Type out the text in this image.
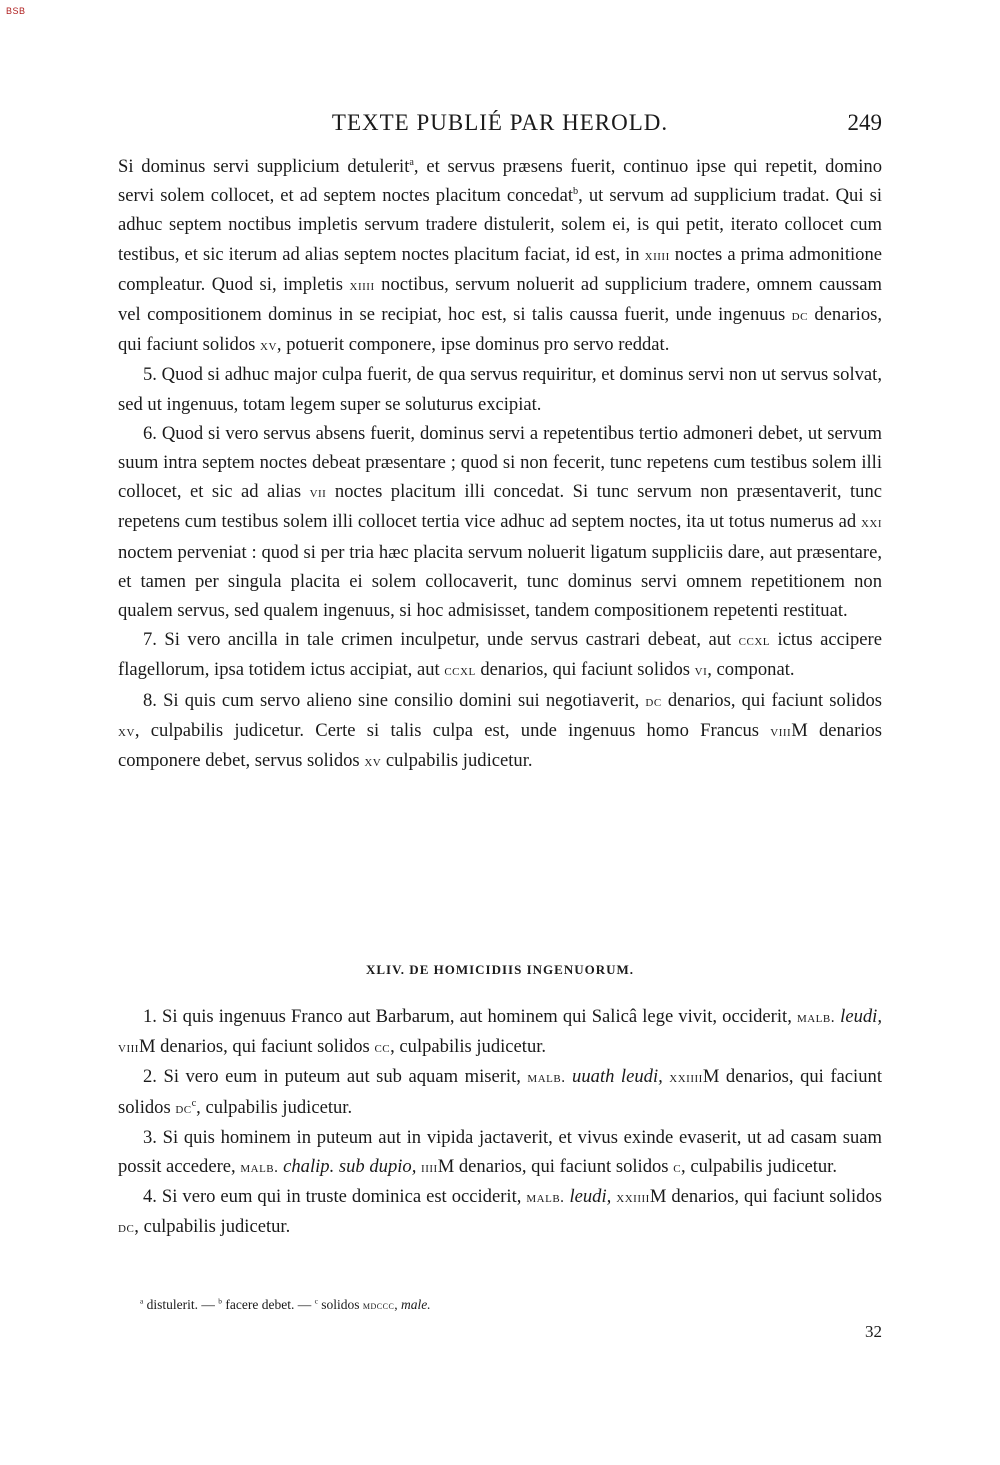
BSB
TEXTE PUBLIÉ PAR HEROLD.	249

Si dominus servi supplicium detulerit$^a$, et servus præsens fuerit, continuo ipse qui repetit, domino servi solem collocet, et ad septem noctes placitum concedat$^b$, ut servum ad supplicium tradat. Qui si adhuc septem noctibus impletis servum tradere distulerit, solem ei, is qui petit, iterato collocet cum testibus, et sic iterum ad alias septem noctes placitum faciat, id est, in xiiii noctes a prima admonitione compleatur. Quod si, impletis xiiii noctibus, servum noluerit ad supplicium tradere, omnem caussam vel compositionem dominus in se recipiat, hoc est, si talis caussa fuerit, unde ingenuus dc denarios, qui faciunt solidos xv, potuerit componere, ipse dominus pro servo reddat.

5. Quod si adhuc major culpa fuerit, de qua servus requiritur, et dominus servi non ut servus solvat, sed ut ingenuus, totam legem super se soluturus excipiat.

6. Quod si vero servus absens fuerit, dominus servi a repetentibus tertio admoneri debet, ut servum suum intra septem noctes debeat præsentare ; quod si non fecerit, tunc repetens cum testibus solem illi collocet, et sic ad alias vii noctes placitum illi concedat. Si tunc servum non præsentaverit, tunc repetens cum testibus solem illi collocet tertia vice adhuc ad septem noctes, ita ut totus numerus ad xxi noctem perveniat : quod si per tria hæc placita servum noluerit ligatum suppliciis dare, aut præsentare, et tamen per singula placita ei solem collocaverit, tunc dominus servi omnem repetitionem non qualem servus, sed qualem ingenuus, si hoc admisisset, tandem compositionem repetenti restituat.

7. Si vero ancilla in tale crimen inculpetur, unde servus castrari debeat, aut ccxl ictus accipere flagellorum, ipsa totidem ictus accipiat, aut ccxl denarios, qui faciunt solidos vi, componat.

8. Si quis cum servo alieno sine consilio domini sui negotiaverit, dc denarios, qui faciunt solidos xv, culpabilis judicetur. Certe si talis culpa est, unde ingenuus homo Francus viiiM denarios componere debet, servus solidos xv culpabilis judicetur.

XLIV. DE HOMICIDIIS INGENUORUM.

1. Si quis ingenuus Franco aut Barbarum, aut hominem qui Salicâ lege vivit, occiderit, malb. leudi, viiiM denarios, qui faciunt solidos cc, culpabilis judicetur.

2. Si vero eum in puteum aut sub aquam miserit, malb. uuath leudi, xxiiiiM denarios, qui faciunt solidos $dc^c$, culpabilis judicetur.

3. Si quis hominem in puteum aut in vipida jactaverit, et vivus exinde evaserit, ut ad casam suam possit accedere, malb. chalip. sub dupio, iiiiM denarios, qui faciunt solidos c, culpabilis judicetur.

4. Si vero eum qui in truste dominica est occiderit, malb. leudi, xxiiiiM denarios, qui faciunt solidos dc, culpabilis judicetur.

$^a$ distulerit. — $^b$ facere debet. — $^c$ solidos mdccc, male.
32
